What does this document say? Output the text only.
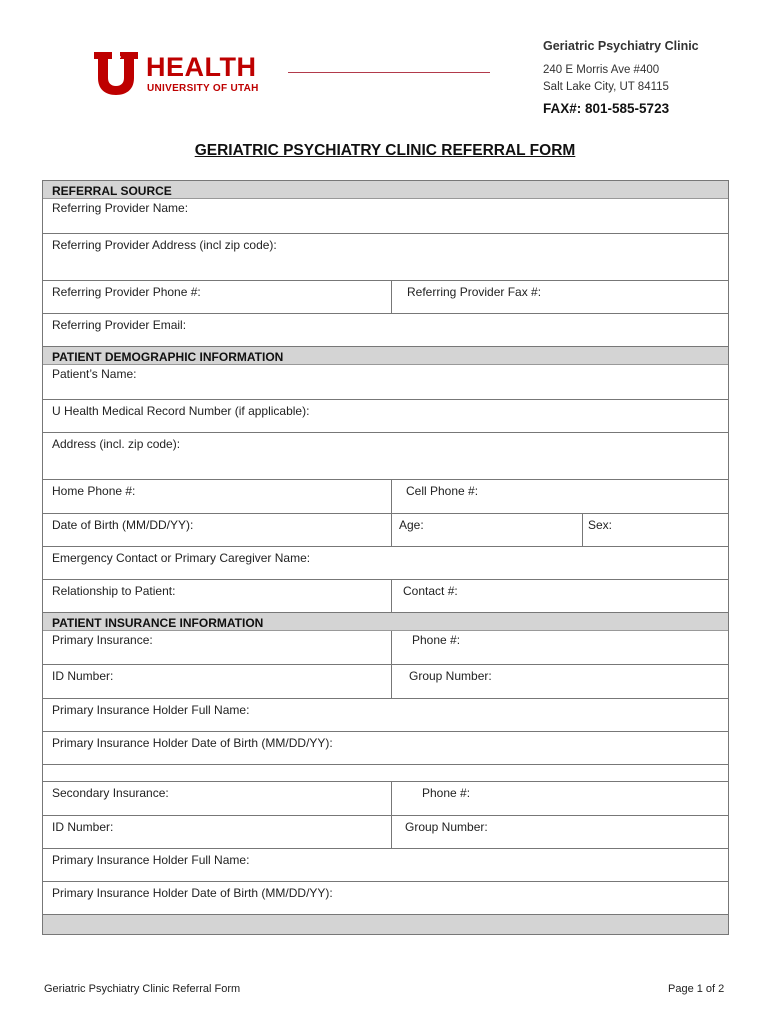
HEALTH
UNIVERSITY OF UTAH
Geriatric Psychiatry Clinic
240 E Morris Ave #400
Salt Lake City, UT 84115
FAX#: 801-585-5723
GERIATRIC PSYCHIATRY CLINIC REFERRAL FORM
REFERRAL SOURCE
Referring Provider Name:
Referring Provider Address (incl zip code):
Referring Provider Phone #:	Referring Provider Fax #:
Referring Provider Email:
PATIENT DEMOGRAPHIC INFORMATION
Patient’s Name:
U Health Medical Record Number (if applicable):
Address (incl. zip code):
Home Phone #:	Cell Phone #:
Date of Birth (MM/DD/YY):	Age:	Sex:
Emergency Contact or Primary Caregiver Name:
Relationship to Patient:	Contact #:
PATIENT INSURANCE INFORMATION
Primary Insurance:	Phone #:
ID Number:	Group Number:
Primary Insurance Holder Full Name:
Primary Insurance Holder Date of Birth (MM/DD/YY):
Secondary Insurance:	Phone #:
ID Number:	Group Number:
Primary Insurance Holder Full Name:
Primary Insurance Holder Date of Birth (MM/DD/YY):
Geriatric Psychiatry Clinic Referral Form	Page 1 of 2
